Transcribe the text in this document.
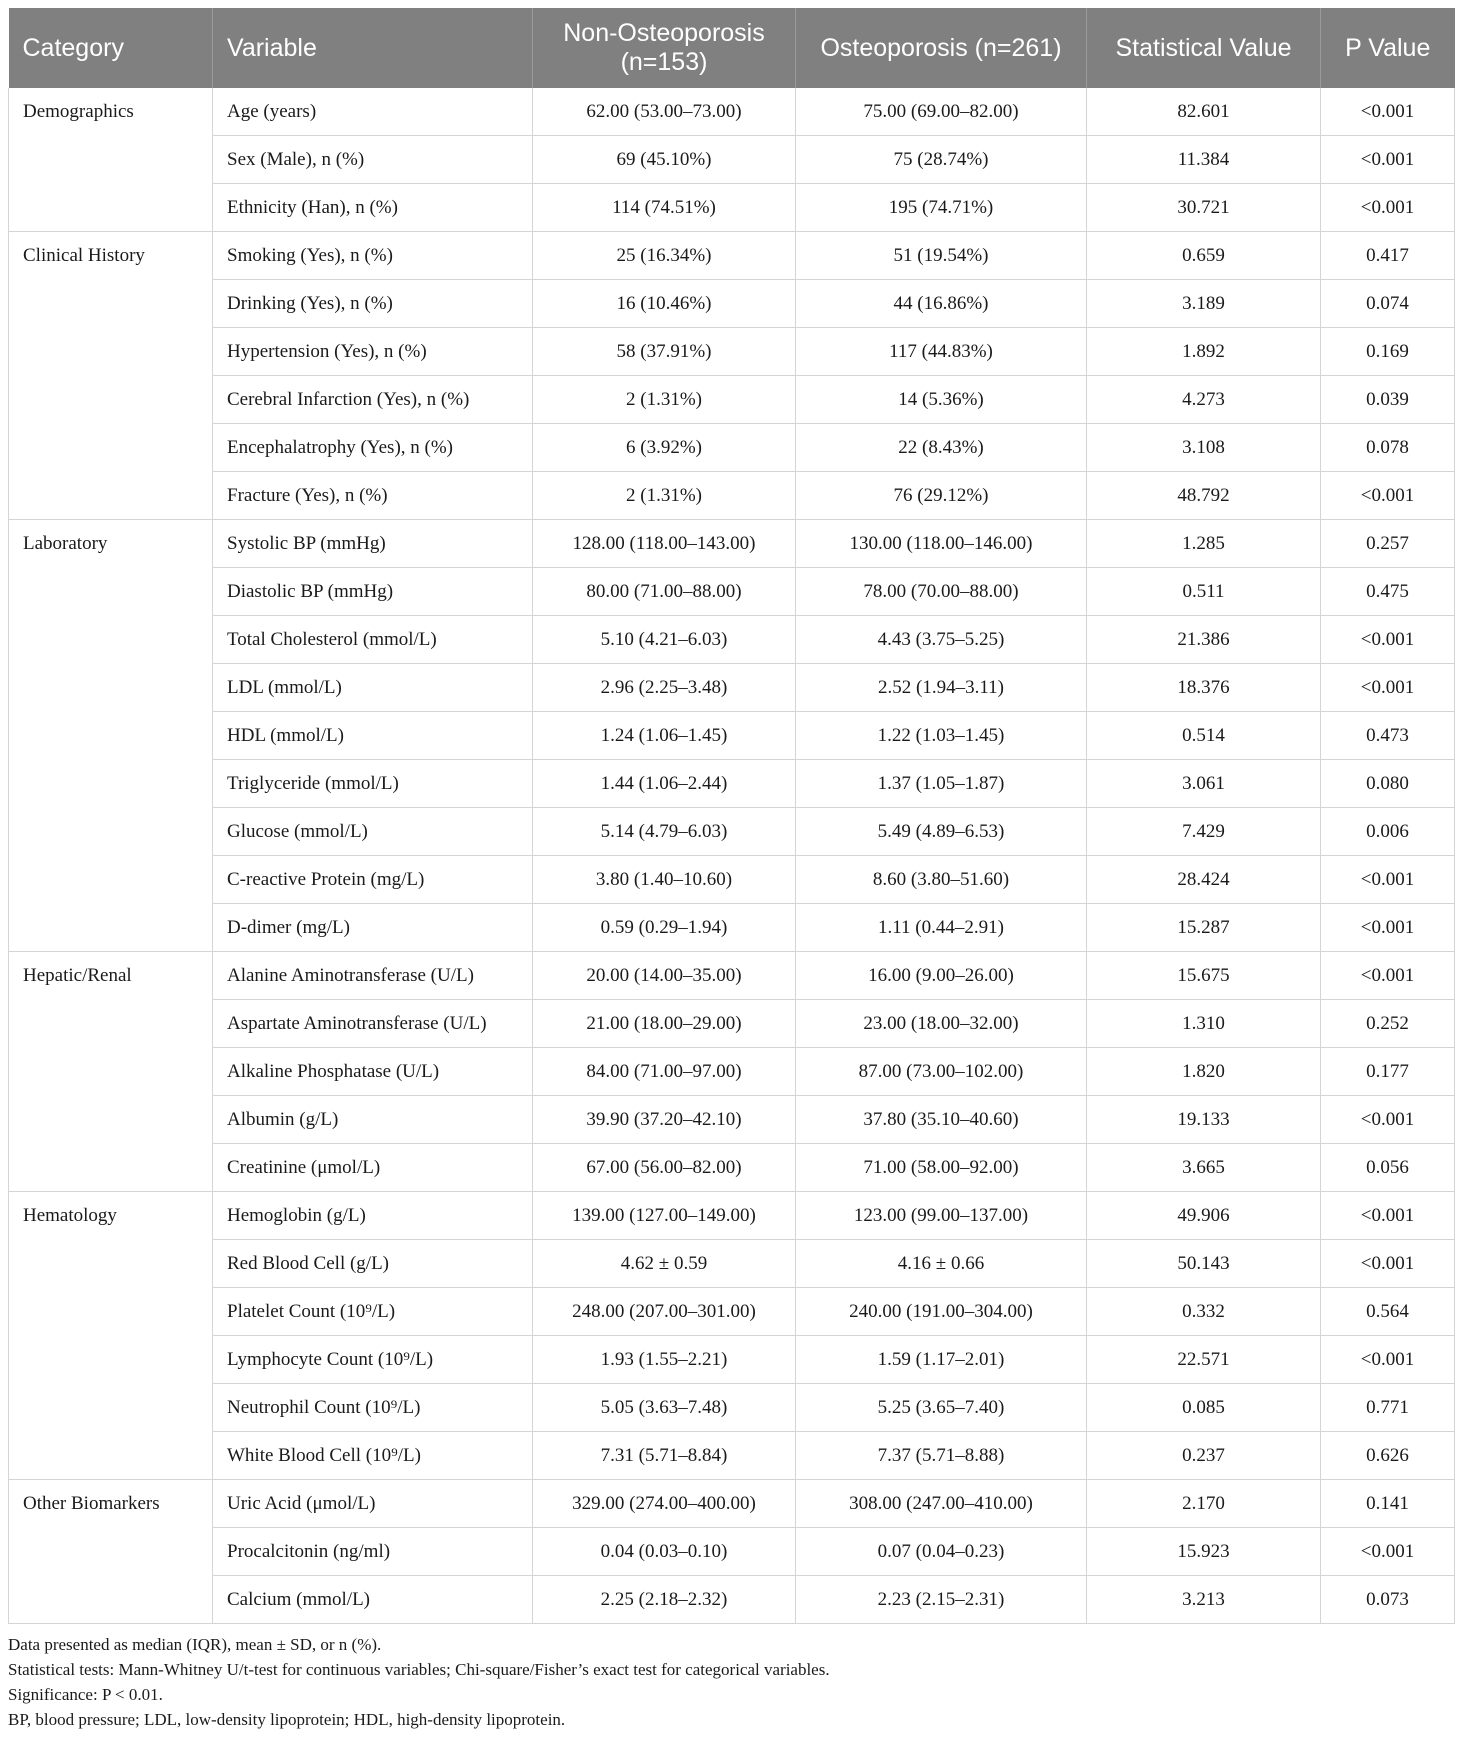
Category	Variable	Non-Osteoporosis (n=153)	Osteoporosis (n=261)	Statistical Value	P Value
Demographics	Age (years)	62.00 (53.00–73.00)	75.00 (69.00–82.00)	82.601	<0.001
	Sex (Male), n (%)	69 (45.10%)	75 (28.74%)	11.384	<0.001
	Ethnicity (Han), n (%)	114 (74.51%)	195 (74.71%)	30.721	<0.001
Clinical History	Smoking (Yes), n (%)	25 (16.34%)	51 (19.54%)	0.659	0.417
	Drinking (Yes), n (%)	16 (10.46%)	44 (16.86%)	3.189	0.074
	Hypertension (Yes), n (%)	58 (37.91%)	117 (44.83%)	1.892	0.169
	Cerebral Infarction (Yes), n (%)	2 (1.31%)	14 (5.36%)	4.273	0.039
	Encephalatrophy (Yes), n (%)	6 (3.92%)	22 (8.43%)	3.108	0.078
	Fracture (Yes), n (%)	2 (1.31%)	76 (29.12%)	48.792	<0.001
Laboratory	Systolic BP (mmHg)	128.00 (118.00–143.00)	130.00 (118.00–146.00)	1.285	0.257
	Diastolic BP (mmHg)	80.00 (71.00–88.00)	78.00 (70.00–88.00)	0.511	0.475
	Total Cholesterol (mmol/L)	5.10 (4.21–6.03)	4.43 (3.75–5.25)	21.386	<0.001
	LDL (mmol/L)	2.96 (2.25–3.48)	2.52 (1.94–3.11)	18.376	<0.001
	HDL (mmol/L)	1.24 (1.06–1.45)	1.22 (1.03–1.45)	0.514	0.473
	Triglyceride (mmol/L)	1.44 (1.06–2.44)	1.37 (1.05–1.87)	3.061	0.080
	Glucose (mmol/L)	5.14 (4.79–6.03)	5.49 (4.89–6.53)	7.429	0.006
	C-reactive Protein (mg/L)	3.80 (1.40–10.60)	8.60 (3.80–51.60)	28.424	<0.001
	D-dimer (mg/L)	0.59 (0.29–1.94)	1.11 (0.44–2.91)	15.287	<0.001
Hepatic/Renal	Alanine Aminotransferase (U/L)	20.00 (14.00–35.00)	16.00 (9.00–26.00)	15.675	<0.001
	Aspartate Aminotransferase (U/L)	21.00 (18.00–29.00)	23.00 (18.00–32.00)	1.310	0.252
	Alkaline Phosphatase (U/L)	84.00 (71.00–97.00)	87.00 (73.00–102.00)	1.820	0.177
	Albumin (g/L)	39.90 (37.20–42.10)	37.80 (35.10–40.60)	19.133	<0.001
	Creatinine (μmol/L)	67.00 (56.00–82.00)	71.00 (58.00–92.00)	3.665	0.056
Hematology	Hemoglobin (g/L)	139.00 (127.00–149.00)	123.00 (99.00–137.00)	49.906	<0.001
	Red Blood Cell (g/L)	4.62 ± 0.59	4.16 ± 0.66	50.143	<0.001
	Platelet Count (10⁹/L)	248.00 (207.00–301.00)	240.00 (191.00–304.00)	0.332	0.564
	Lymphocyte Count (10⁹/L)	1.93 (1.55–2.21)	1.59 (1.17–2.01)	22.571	<0.001
	Neutrophil Count (10⁹/L)	5.05 (3.63–7.48)	5.25 (3.65–7.40)	0.085	0.771
	White Blood Cell (10⁹/L)	7.31 (5.71–8.84)	7.37 (5.71–8.88)	0.237	0.626
Other Biomarkers	Uric Acid (μmol/L)	329.00 (274.00–400.00)	308.00 (247.00–410.00)	2.170	0.141
	Procalcitonin (ng/ml)	0.04 (0.03–0.10)	0.07 (0.04–0.23)	15.923	<0.001
	Calcium (mmol/L)	2.25 (2.18–2.32)	2.23 (2.15–2.31)	3.213	0.073
Data presented as median (IQR), mean ± SD, or n (%).
Statistical tests: Mann-Whitney U/t-test for continuous variables; Chi-square/Fisher’s exact test for categorical variables.
Significance: P < 0.01.
BP, blood pressure; LDL, low-density lipoprotein; HDL, high-density lipoprotein.
